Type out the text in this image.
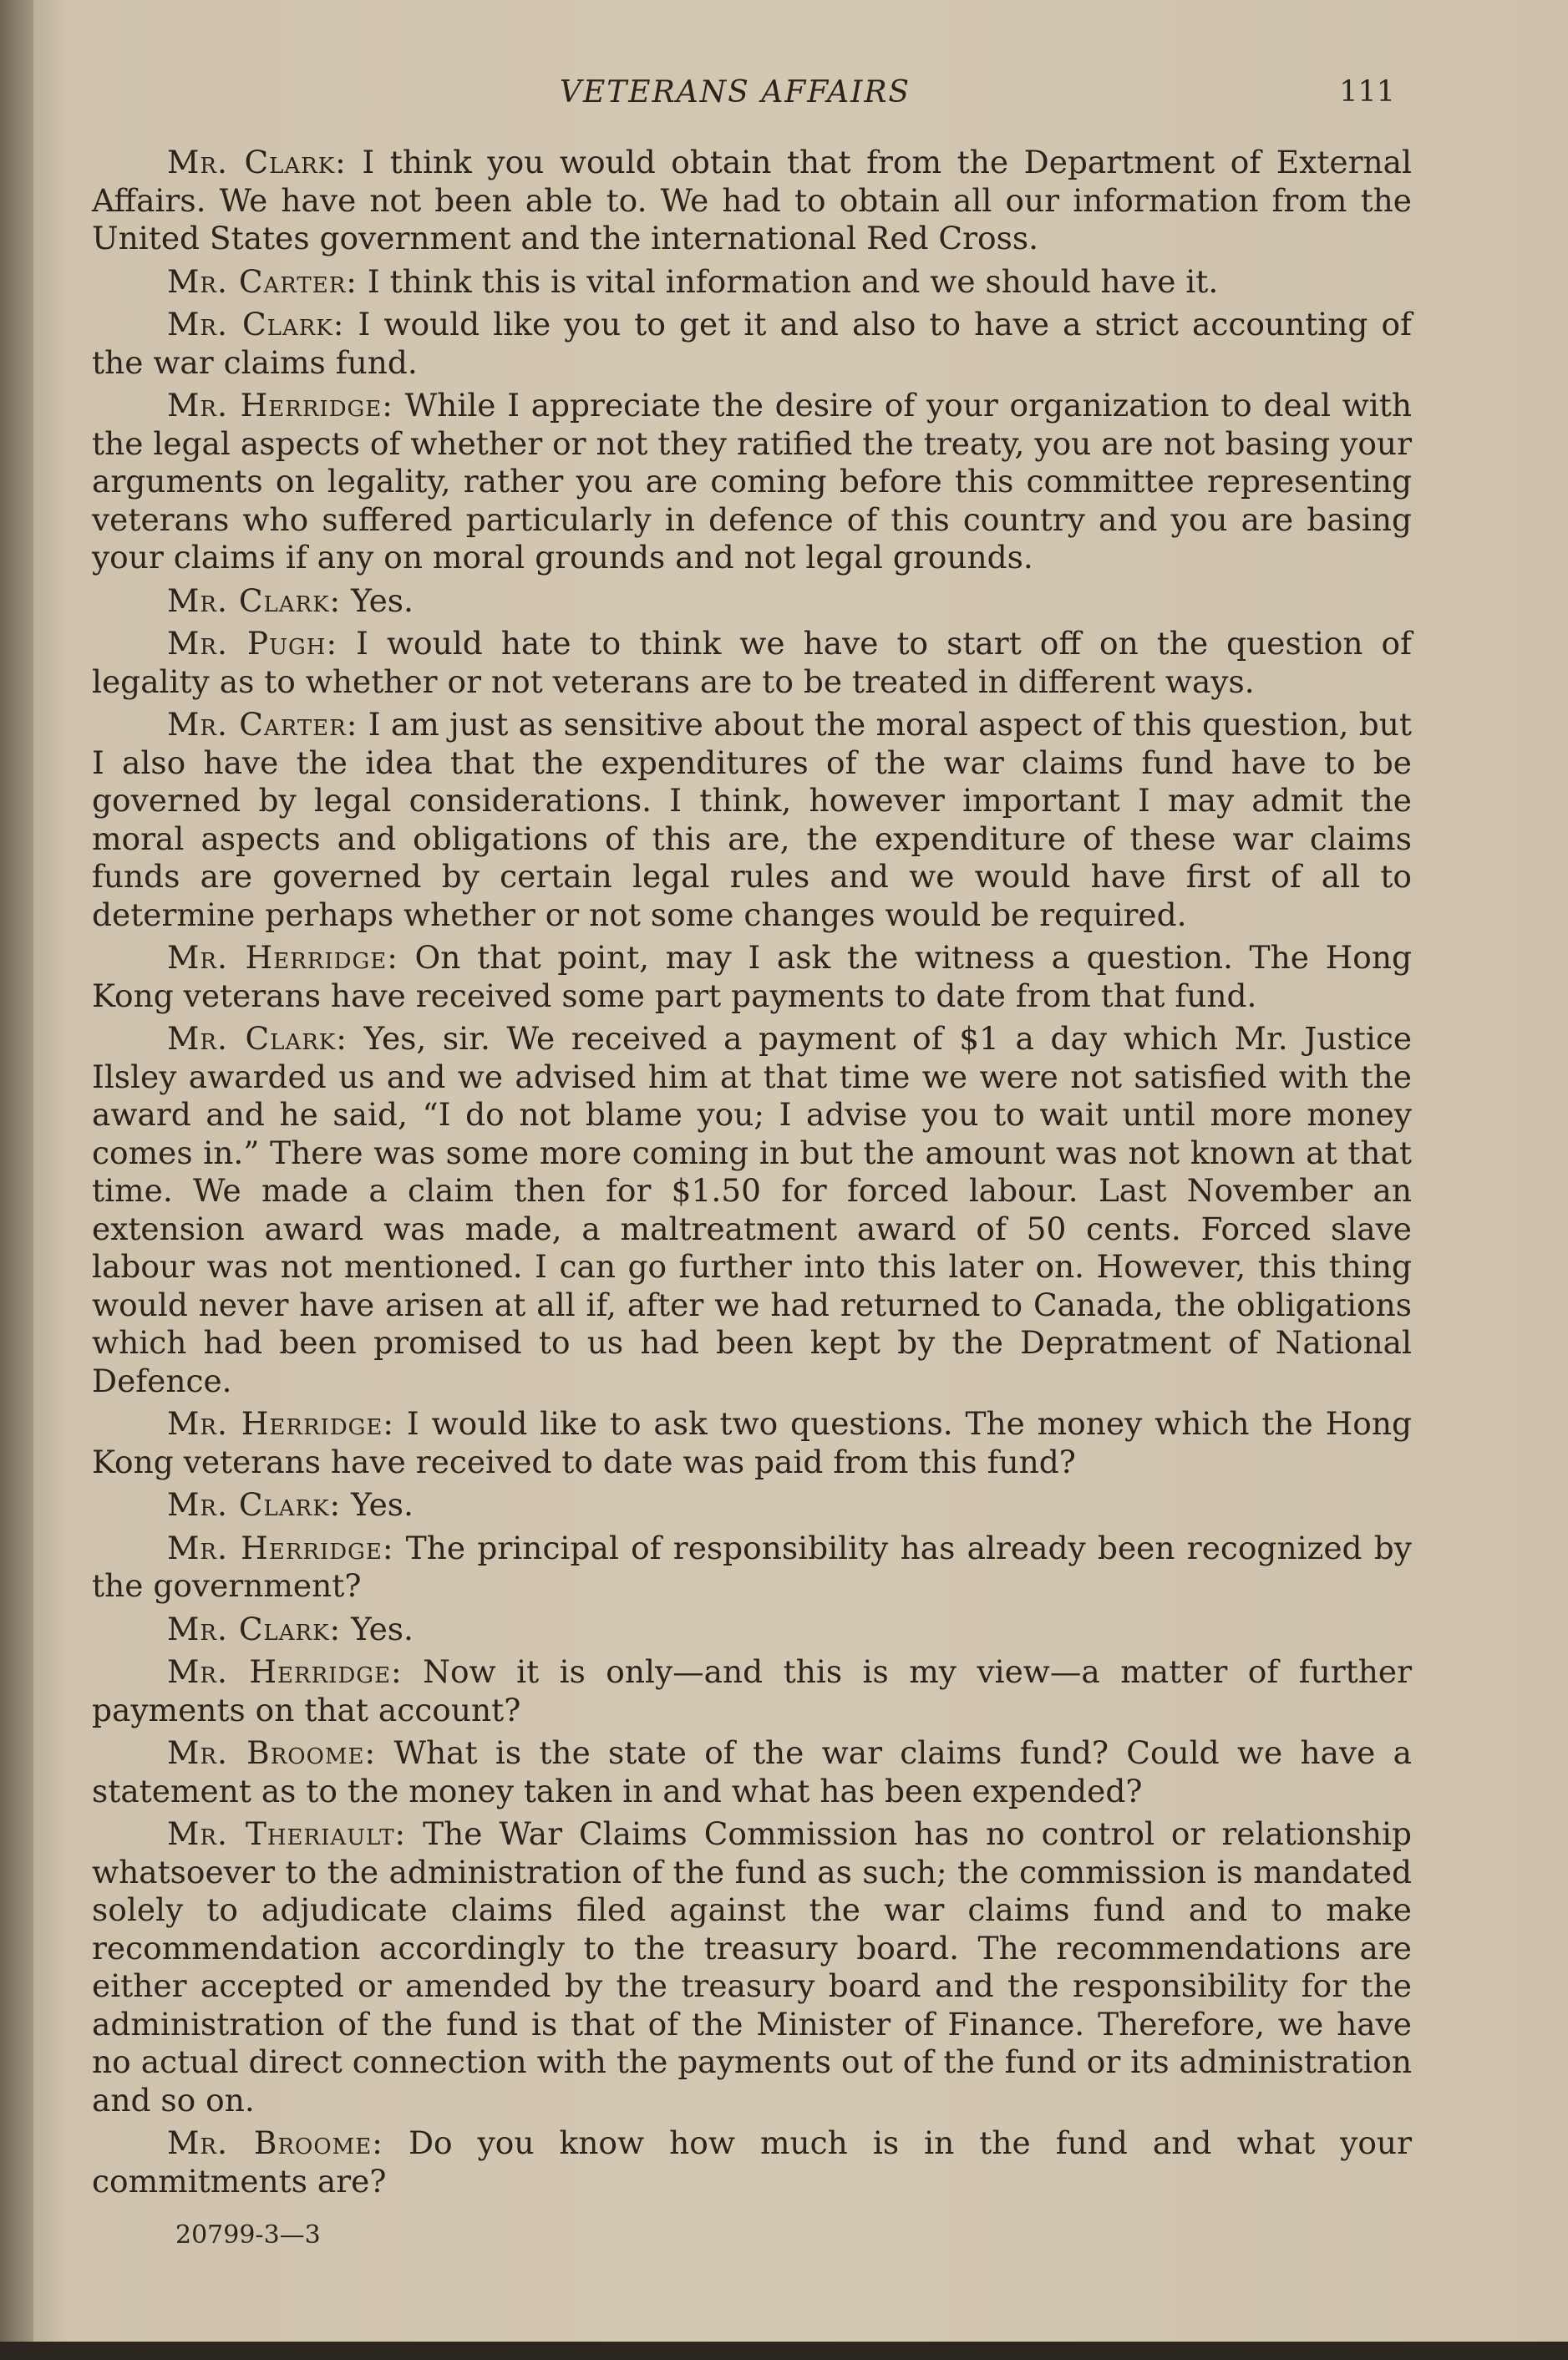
VETERANS AFFAIRS	111

Mr. Clark: I think you would obtain that from the Department of External Affairs. We have not been able to. We had to obtain all our information from the United States government and the international Red Cross.

Mr. Carter: I think this is vital information and we should have it.

Mr. Clark: I would like you to get it and also to have a strict accounting of the war claims fund.

Mr. Herridge: While I appreciate the desire of your organization to deal with the legal aspects of whether or not they ratified the treaty, you are not basing your arguments on legality, rather you are coming before this committee representing veterans who suffered particularly in defence of this country and you are basing your claims if any on moral grounds and not legal grounds.

Mr. Clark: Yes.

Mr. Pugh: I would hate to think we have to start off on the question of legality as to whether or not veterans are to be treated in different ways.

Mr. Carter: I am just as sensitive about the moral aspect of this question, but I also have the idea that the expenditures of the war claims fund have to be governed by legal considerations. I think, however important I may admit the moral aspects and obligations of this are, the expenditure of these war claims funds are governed by certain legal rules and we would have first of all to determine perhaps whether or not some changes would be required.

Mr. Herridge: On that point, may I ask the witness a question. The Hong Kong veterans have received some part payments to date from that fund.

Mr. Clark: Yes, sir. We received a payment of $1 a day which Mr. Justice Ilsley awarded us and we advised him at that time we were not satisfied with the award and he said, “I do not blame you; I advise you to wait until more money comes in.” There was some more coming in but the amount was not known at that time. We made a claim then for $1.50 for forced labour. Last November an extension award was made, a maltreatment award of 50 cents. Forced slave labour was not mentioned. I can go further into this later on. However, this thing would never have arisen at all if, after we had returned to Canada, the obligations which had been promised to us had been kept by the Depratment of National Defence.

Mr. Herridge: I would like to ask two questions. The money which the Hong Kong veterans have received to date was paid from this fund?

Mr. Clark: Yes.

Mr. Herridge: The principal of responsibility has already been recognized by the government?

Mr. Clark: Yes.

Mr. Herridge: Now it is only—and this is my view—a matter of further payments on that account?

Mr. Broome: What is the state of the war claims fund? Could we have a statement as to the money taken in and what has been expended?

Mr. Theriault: The War Claims Commission has no control or relationship whatsoever to the administration of the fund as such; the commission is mandated solely to adjudicate claims filed against the war claims fund and to make recommendation accordingly to the treasury board. The recommendations are either accepted or amended by the treasury board and the responsibility for the administration of the fund is that of the Minister of Finance. Therefore, we have no actual direct connection with the payments out of the fund or its administration and so on.

Mr. Broome: Do you know how much is in the fund and what your commitments are?

20799-3—3
